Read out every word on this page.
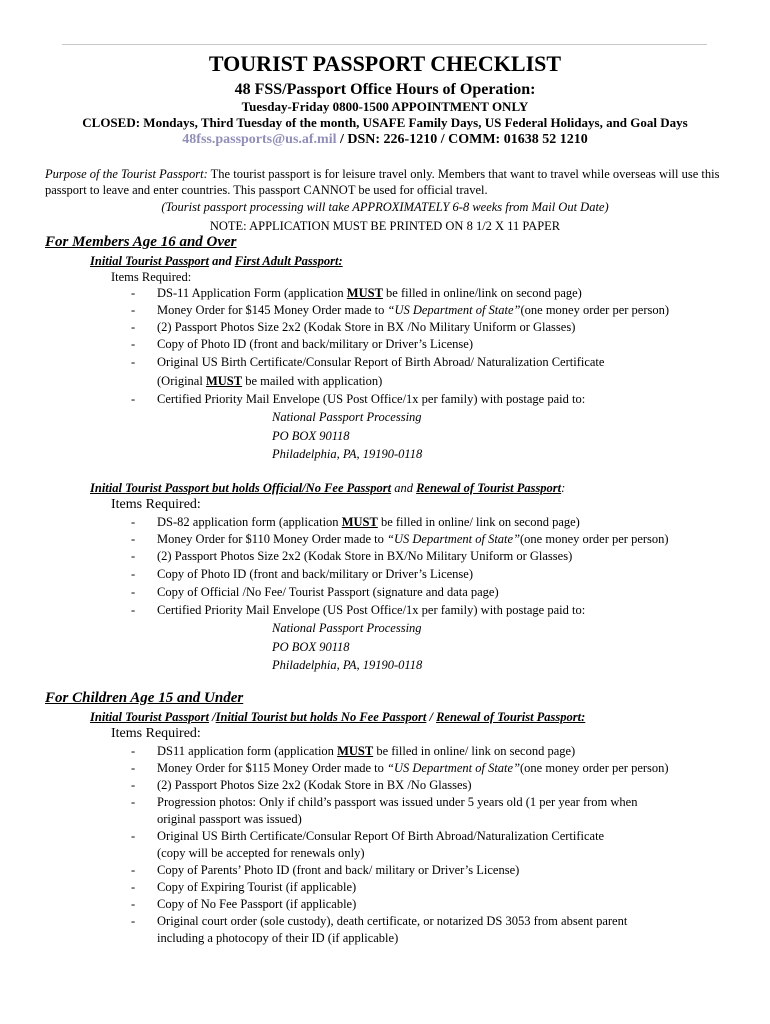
TOURIST PASSPORT CHECKLIST
48 FSS/Passport Office Hours of Operation:
Tuesday-Friday 0800-1500 APPOINTMENT ONLY
CLOSED: Mondays, Third Tuesday of the month, USAFE Family Days, US Federal Holidays, and Goal Days
48fss.passports@us.af.mil / DSN: 226-1210 / COMM: 01638 52 1210
Purpose of the Tourist Passport: The tourist passport is for leisure travel only. Members that want to travel while overseas will use this passport to leave and enter countries. This passport CANNOT be used for official travel.
(Tourist passport processing will take APPROXIMATELY 6-8 weeks from Mail Out Date)
NOTE: APPLICATION MUST BE PRINTED ON 8 1/2 X 11 PAPER
For Members Age 16 and Over
Initial Tourist Passport and First Adult Passport:
Items Required:
- DS-11 Application Form (application MUST be filled in online/link on second page)
- Money Order for $145 Money Order made to “US Department of State”(one money order per person)
- (2) Passport Photos Size 2x2 (Kodak Store in BX /No Military Uniform or Glasses)
- Copy of Photo ID (front and back/military or Driver’s License)
- Original US Birth Certificate/Consular Report of Birth Abroad/ Naturalization Certificate
(Original MUST be mailed with application)
- Certified Priority Mail Envelope (US Post Office/1x per family) with postage paid to:
National Passport Processing
PO BOX 90118
Philadelphia, PA, 19190-0118
Initial Tourist Passport but holds Official/No Fee Passport and Renewal of Tourist Passport:
Items Required:
- DS-82 application form (application MUST be filled in online/ link on second page)
- Money Order for $110 Money Order made to “US Department of State”(one money order per person)
- (2) Passport Photos Size 2x2 (Kodak Store in BX/No Military Uniform or Glasses)
- Copy of Photo ID (front and back/military or Driver’s License)
- Copy of Official /No Fee/ Tourist Passport (signature and data page)
- Certified Priority Mail Envelope (US Post Office/1x per family) with postage paid to:
National Passport Processing
PO BOX 90118
Philadelphia, PA, 19190-0118
For Children Age 15 and Under
Initial Tourist Passport /Initial Tourist but holds No Fee Passport / Renewal of Tourist Passport:
Items Required:
- DS11 application form (application MUST be filled in online/ link on second page)
- Money Order for $115 Money Order made to “US Department of State”(one money order per person)
- (2) Passport Photos Size 2x2 (Kodak Store in BX /No Glasses)
- Progression photos: Only if child’s passport was issued under 5 years old (1 per year from when
original passport was issued)
- Original US Birth Certificate/Consular Report Of Birth Abroad/Naturalization Certificate
(copy will be accepted for renewals only)
- Copy of Parents’ Photo ID (front and back/ military or Driver’s License)
- Copy of Expiring Tourist (if applicable)
- Copy of No Fee Passport (if applicable)
- Original court order (sole custody), death certificate, or notarized DS 3053 from absent parent
including a photocopy of their ID (if applicable)
